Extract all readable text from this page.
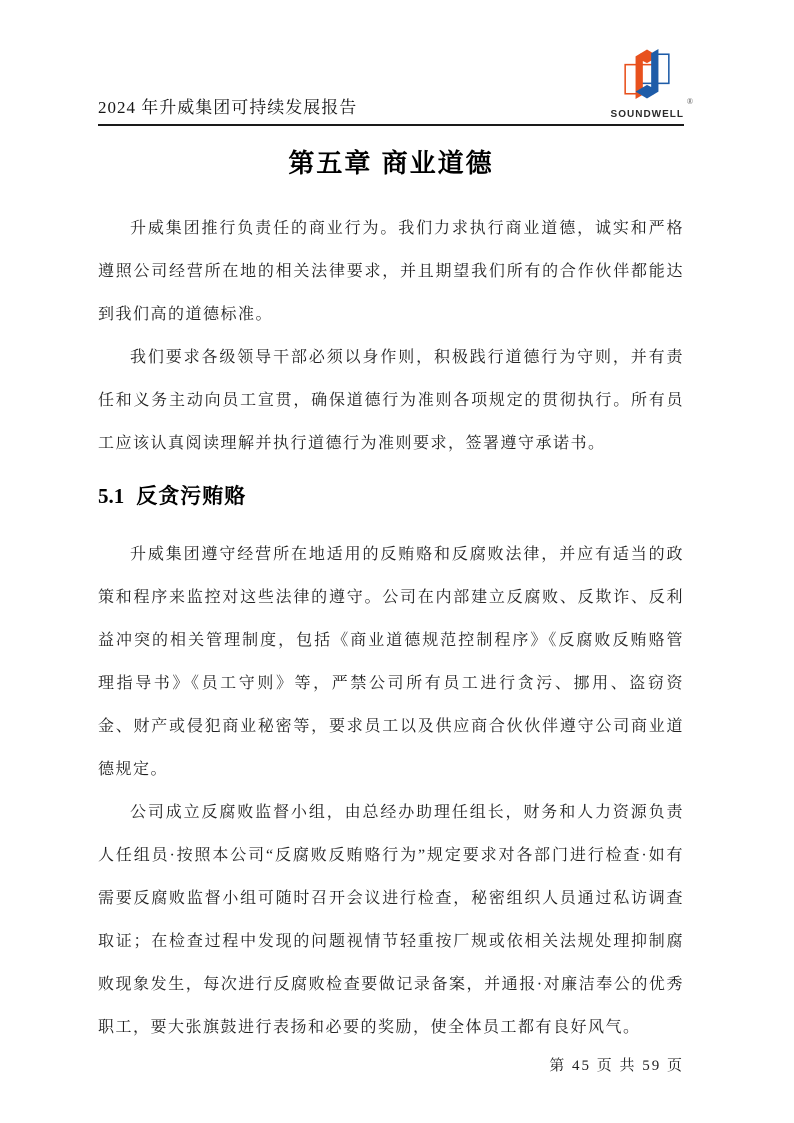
2024 年升威集团可持续发展报告	SOUNDWELL
®
第五章 商业道德

升威集团推行负责任的商业行为。我们力求执行商业道德，诚实和严格遵照公司经营所在地的相关法律要求，并且期望我们所有的合作伙伴都能达到我们高的道德标准。

我们要求各级领导干部必须以身作则，积极践行道德行为守则，并有责任和义务主动向员工宣贯，确保道德行为准则各项规定的贯彻执行。所有员工应该认真阅读理解并执行道德行为准则要求，签署遵守承诺书。

5.1 反贪污贿赂

升威集团遵守经营所在地适用的反贿赂和反腐败法律，并应有适当的政策和程序来监控对这些法律的遵守。公司在内部建立反腐败、反欺诈、反利益冲突的相关管理制度，包括《商业道德规范控制程序》《反腐败反贿赂管理指导书》《员工守则》等，严禁公司所有员工进行贪污、挪用、盗窃资金、财产或侵犯商业秘密等，要求员工以及供应商合伙伙伴遵守公司商业道德规定。

公司成立反腐败监督小组，由总经办助理任组长，财务和人力资源负责人任组员·按照本公司“反腐败反贿赂行为”规定要求对各部门进行检查·如有需要反腐败监督小组可随时召开会议进行检查，秘密组织人员通过私访调查取证；在检查过程中发现的问题视情节轻重按厂规或依相关法规处理抑制腐败现象发生，每次进行反腐败检查要做记录备案，并通报·对廉洁奉公的优秀职工，要大张旗鼓进行表扬和必要的奖励，使全体员工都有良好风气。

第 45 页 共 59 页
